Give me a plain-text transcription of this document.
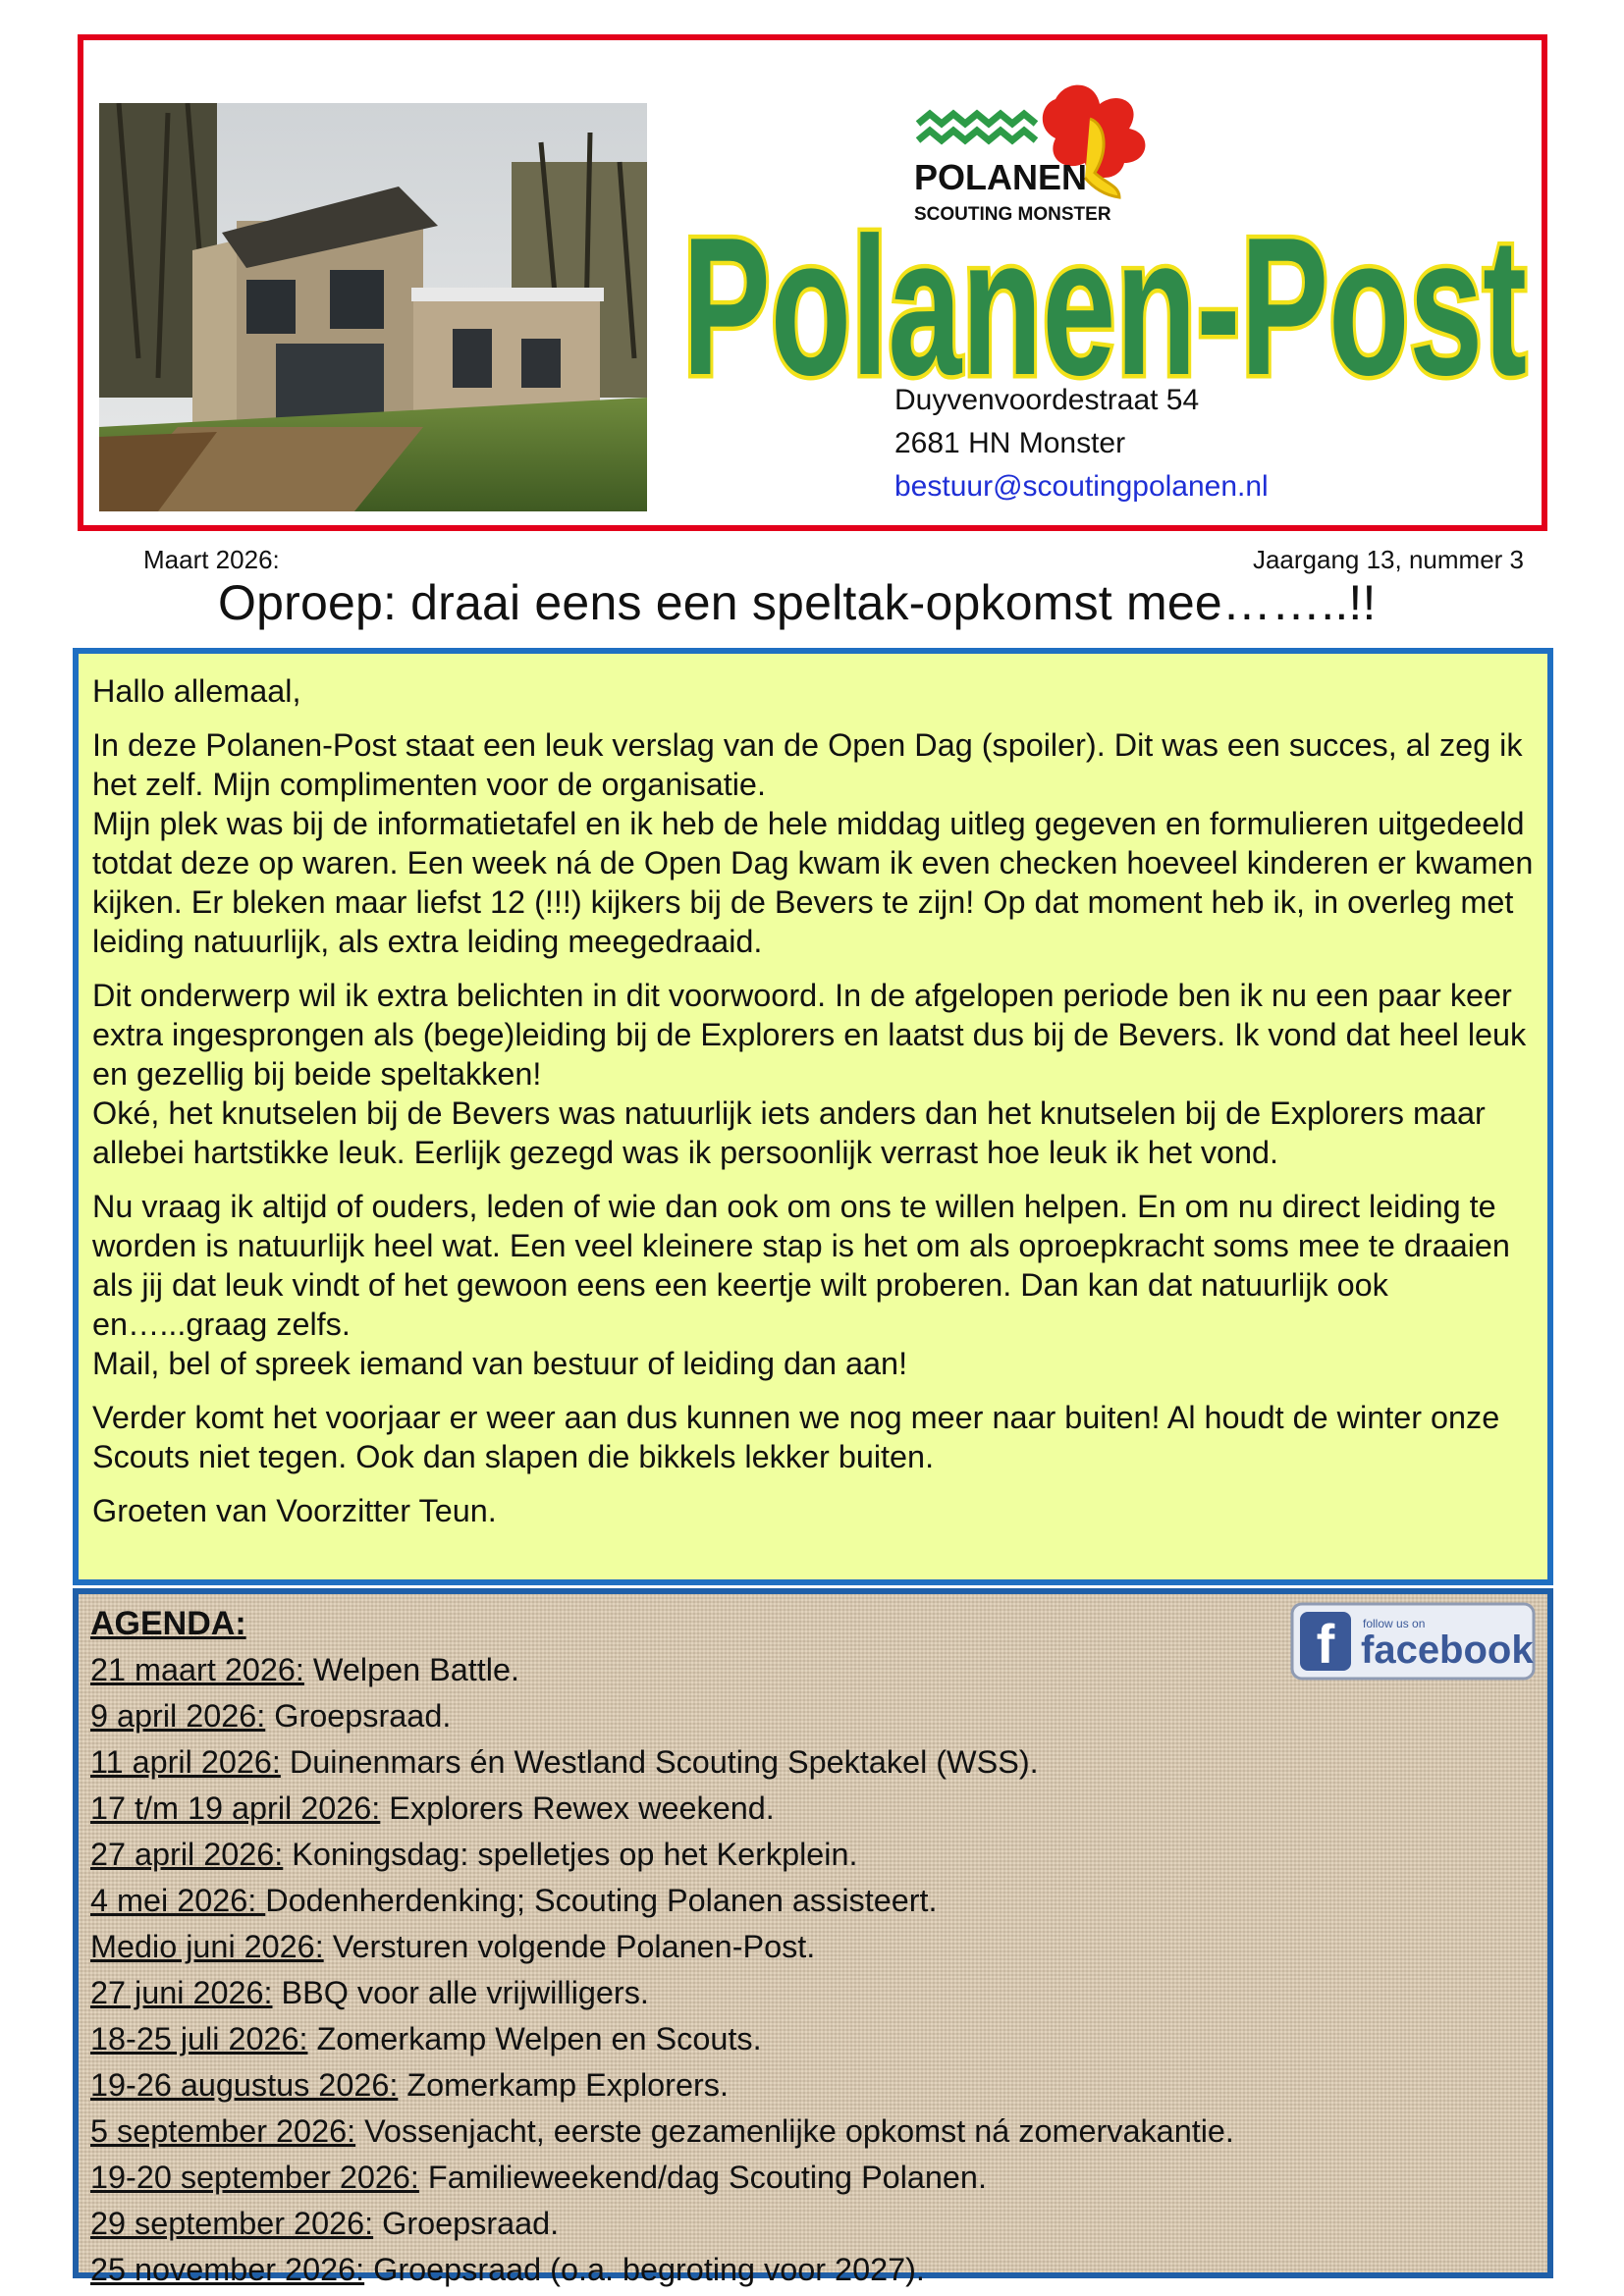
POLANEN
SCOUTING MONSTER
Polanen-Post
Duyvenvoordestraat 54
2681 HN Monster
bestuur@scoutingpolanen.nl
Maart 2026:	Jaargang 13, nummer 3
Oproep: draai eens een speltak-opkomst mee……..!!

Hallo allemaal,

In deze Polanen-Post staat een leuk verslag van de Open Dag (spoiler). Dit was een succes, al zeg ik het zelf. Mijn complimenten voor de organisatie.
Mijn plek was bij de informatietafel en ik heb de hele middag uitleg gegeven en formulieren uitgedeeld totdat deze op waren. Een week ná de Open Dag kwam ik even checken hoeveel kinderen er kwamen kijken. Er bleken maar liefst 12 (!!!) kijkers bij de Bevers te zijn! Op dat moment heb ik, in overleg met leiding natuurlijk, als extra leiding meegedraaid.

Dit onderwerp wil ik extra belichten in dit voorwoord. In de afgelopen periode ben ik nu een paar keer extra ingesprongen als (bege)leiding bij de Explorers en laatst dus bij de Bevers. Ik vond dat heel leuk en gezellig bij beide speltakken!
Oké, het knutselen bij de Bevers was natuurlijk iets anders dan het knutselen bij de Explorers maar allebei hartstikke leuk. Eerlijk gezegd was ik persoonlijk verrast hoe leuk ik het vond.

Nu vraag ik altijd of ouders, leden of wie dan ook om ons te willen helpen. En om nu direct leiding te worden is natuurlijk heel wat. Een veel kleinere stap is het om als oproepkracht soms mee te draaien als jij dat leuk vindt of het gewoon eens een keertje wilt proberen. Dan kan dat natuurlijk ook en…...graag zelfs.
Mail, bel of spreek iemand van bestuur of leiding dan aan!

Verder komt het voorjaar er weer aan dus kunnen we nog meer naar buiten! Al houdt de winter onze Scouts niet tegen. Ook dan slapen die bikkels lekker buiten.

Groeten van Voorzitter Teun.

f follow us on
facebook
AGENDA:
21 maart 2026: Welpen Battle.
9 april 2026: Groepsraad.
11 april 2026: Duinenmars én Westland Scouting Spektakel (WSS).
17 t/m 19 april 2026: Explorers Rewex weekend.
27 april 2026: Koningsdag: spelletjes op het Kerkplein.
4 mei 2026: Dodenherdenking; Scouting Polanen assisteert.
Medio juni 2026: Versturen volgende Polanen-Post.
27 juni 2026: BBQ voor alle vrijwilligers.
18-25 juli 2026: Zomerkamp Welpen en Scouts.
19-26 augustus 2026: Zomerkamp Explorers.
5 september 2026: Vossenjacht, eerste gezamenlijke opkomst ná zomervakantie.
19-20 september 2026: Familieweekend/dag Scouting Polanen.
29 september 2026: Groepsraad.
25 november 2026: Groepsraad (o.a. begroting voor 2027).
